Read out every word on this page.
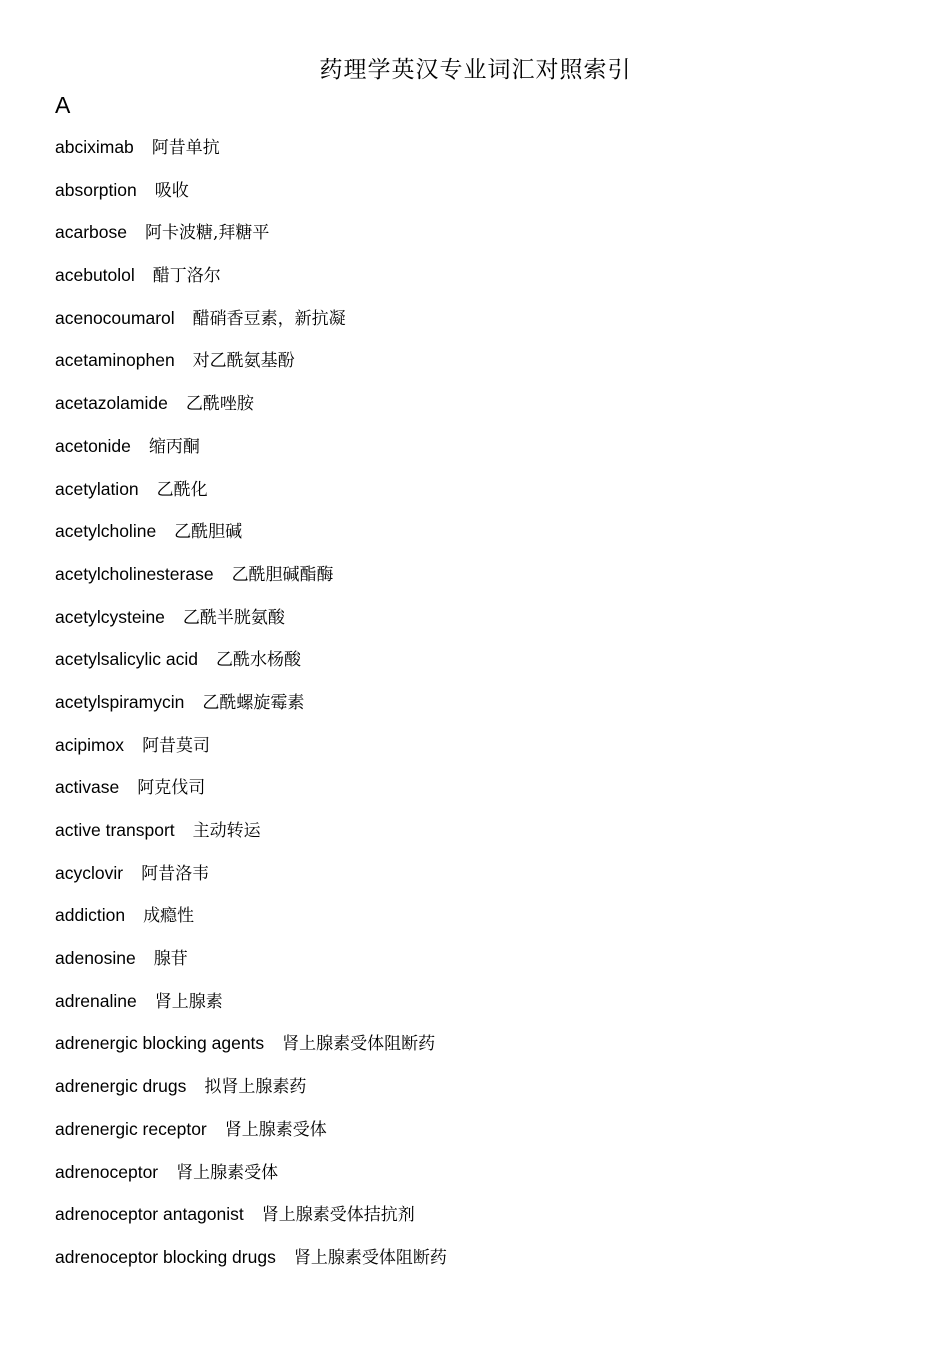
药理学英汉专业词汇对照索引
A
abciximab 阿昔单抗
absorption 吸收
acarbose 阿卡波糖,拜糖平
acebutolol 醋丁洛尔
acenocoumarol 醋硝香豆素，新抗凝
acetaminophen 对乙酰氨基酚
acetazolamide 乙酰唑胺
acetonide 缩丙酮
acetylation 乙酰化
acetylcholine 乙酰胆碱
acetylcholinesterase 乙酰胆碱酯酶
acetylcysteine 乙酰半胱氨酸
acetylsalicylic acid 乙酰水杨酸
acetylspiramycin 乙酰螺旋霉素
acipimox 阿昔莫司
activase 阿克伐司
active transport 主动转运
acyclovir 阿昔洛韦
addiction 成瘾性
adenosine 腺苷
adrenaline 肾上腺素
adrenergic blocking agents 肾上腺素受体阻断药
adrenergic drugs 拟肾上腺素药
adrenergic receptor 肾上腺素受体
adrenoceptor 肾上腺素受体
adrenoceptor antagonist 肾上腺素受体拮抗剂
adrenoceptor blocking drugs 肾上腺素受体阻断药
